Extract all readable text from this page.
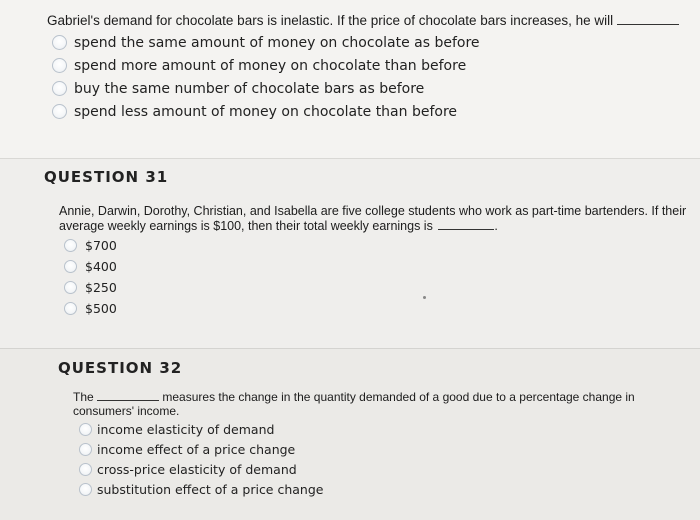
Gabriel's demand for chocolate bars is inelastic. If the price of chocolate bars increases, he will
spend the same amount of money on chocolate as before
spend more amount of money on chocolate than before
buy the same number of chocolate bars as before
spend less amount of money on chocolate than before
QUESTION 31
Annie, Darwin, Dorothy, Christian, and Isabella are five college students who work as part-time bartenders. If their average weekly earnings is $100, then their total weekly earnings is	.
$700
$400
$250
$500
QUESTION 32
The	measures the change in the quantity demanded of a good due to a percentage change in consumers' income.
income elasticity of demand
income effect of a price change
cross-price elasticity of demand
substitution effect of a price change
